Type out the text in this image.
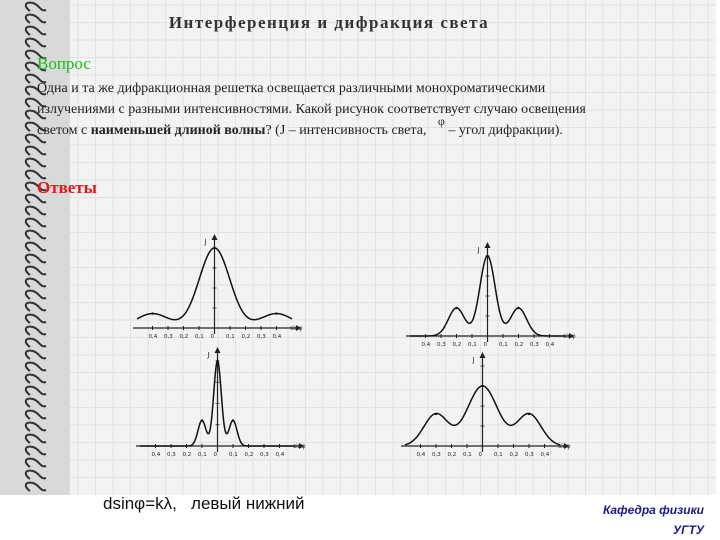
Интерференция и дифракция света
Вопрос
Одна и та же дифракционная решетка освещается различными монохроматическими излучениями с разными интенсивностями. Какой рисунок соответствует случаю освещения светом с наименьшей длиной волны? (J – интенсивность света, φ – угол дифракции).
Ответы
J
sinφ
0,4 0,3 0,2 0,1 0 0,1 0,2 0,3 0,4
J
sinφ
0,4 0,3 0,2 0,1 0 0,1 0,2 0,3 0,4
J
sinφ
0,4 0,3 0,2 0,1 0 0,1 0,2 0,3 0,4
J
sinφ
0,4 0,3 0,2 0,1 0 0,1 0,2 0,3 0,4
dsinφ=kλ,   левый нижний	Кафедра физики
УГТУ
